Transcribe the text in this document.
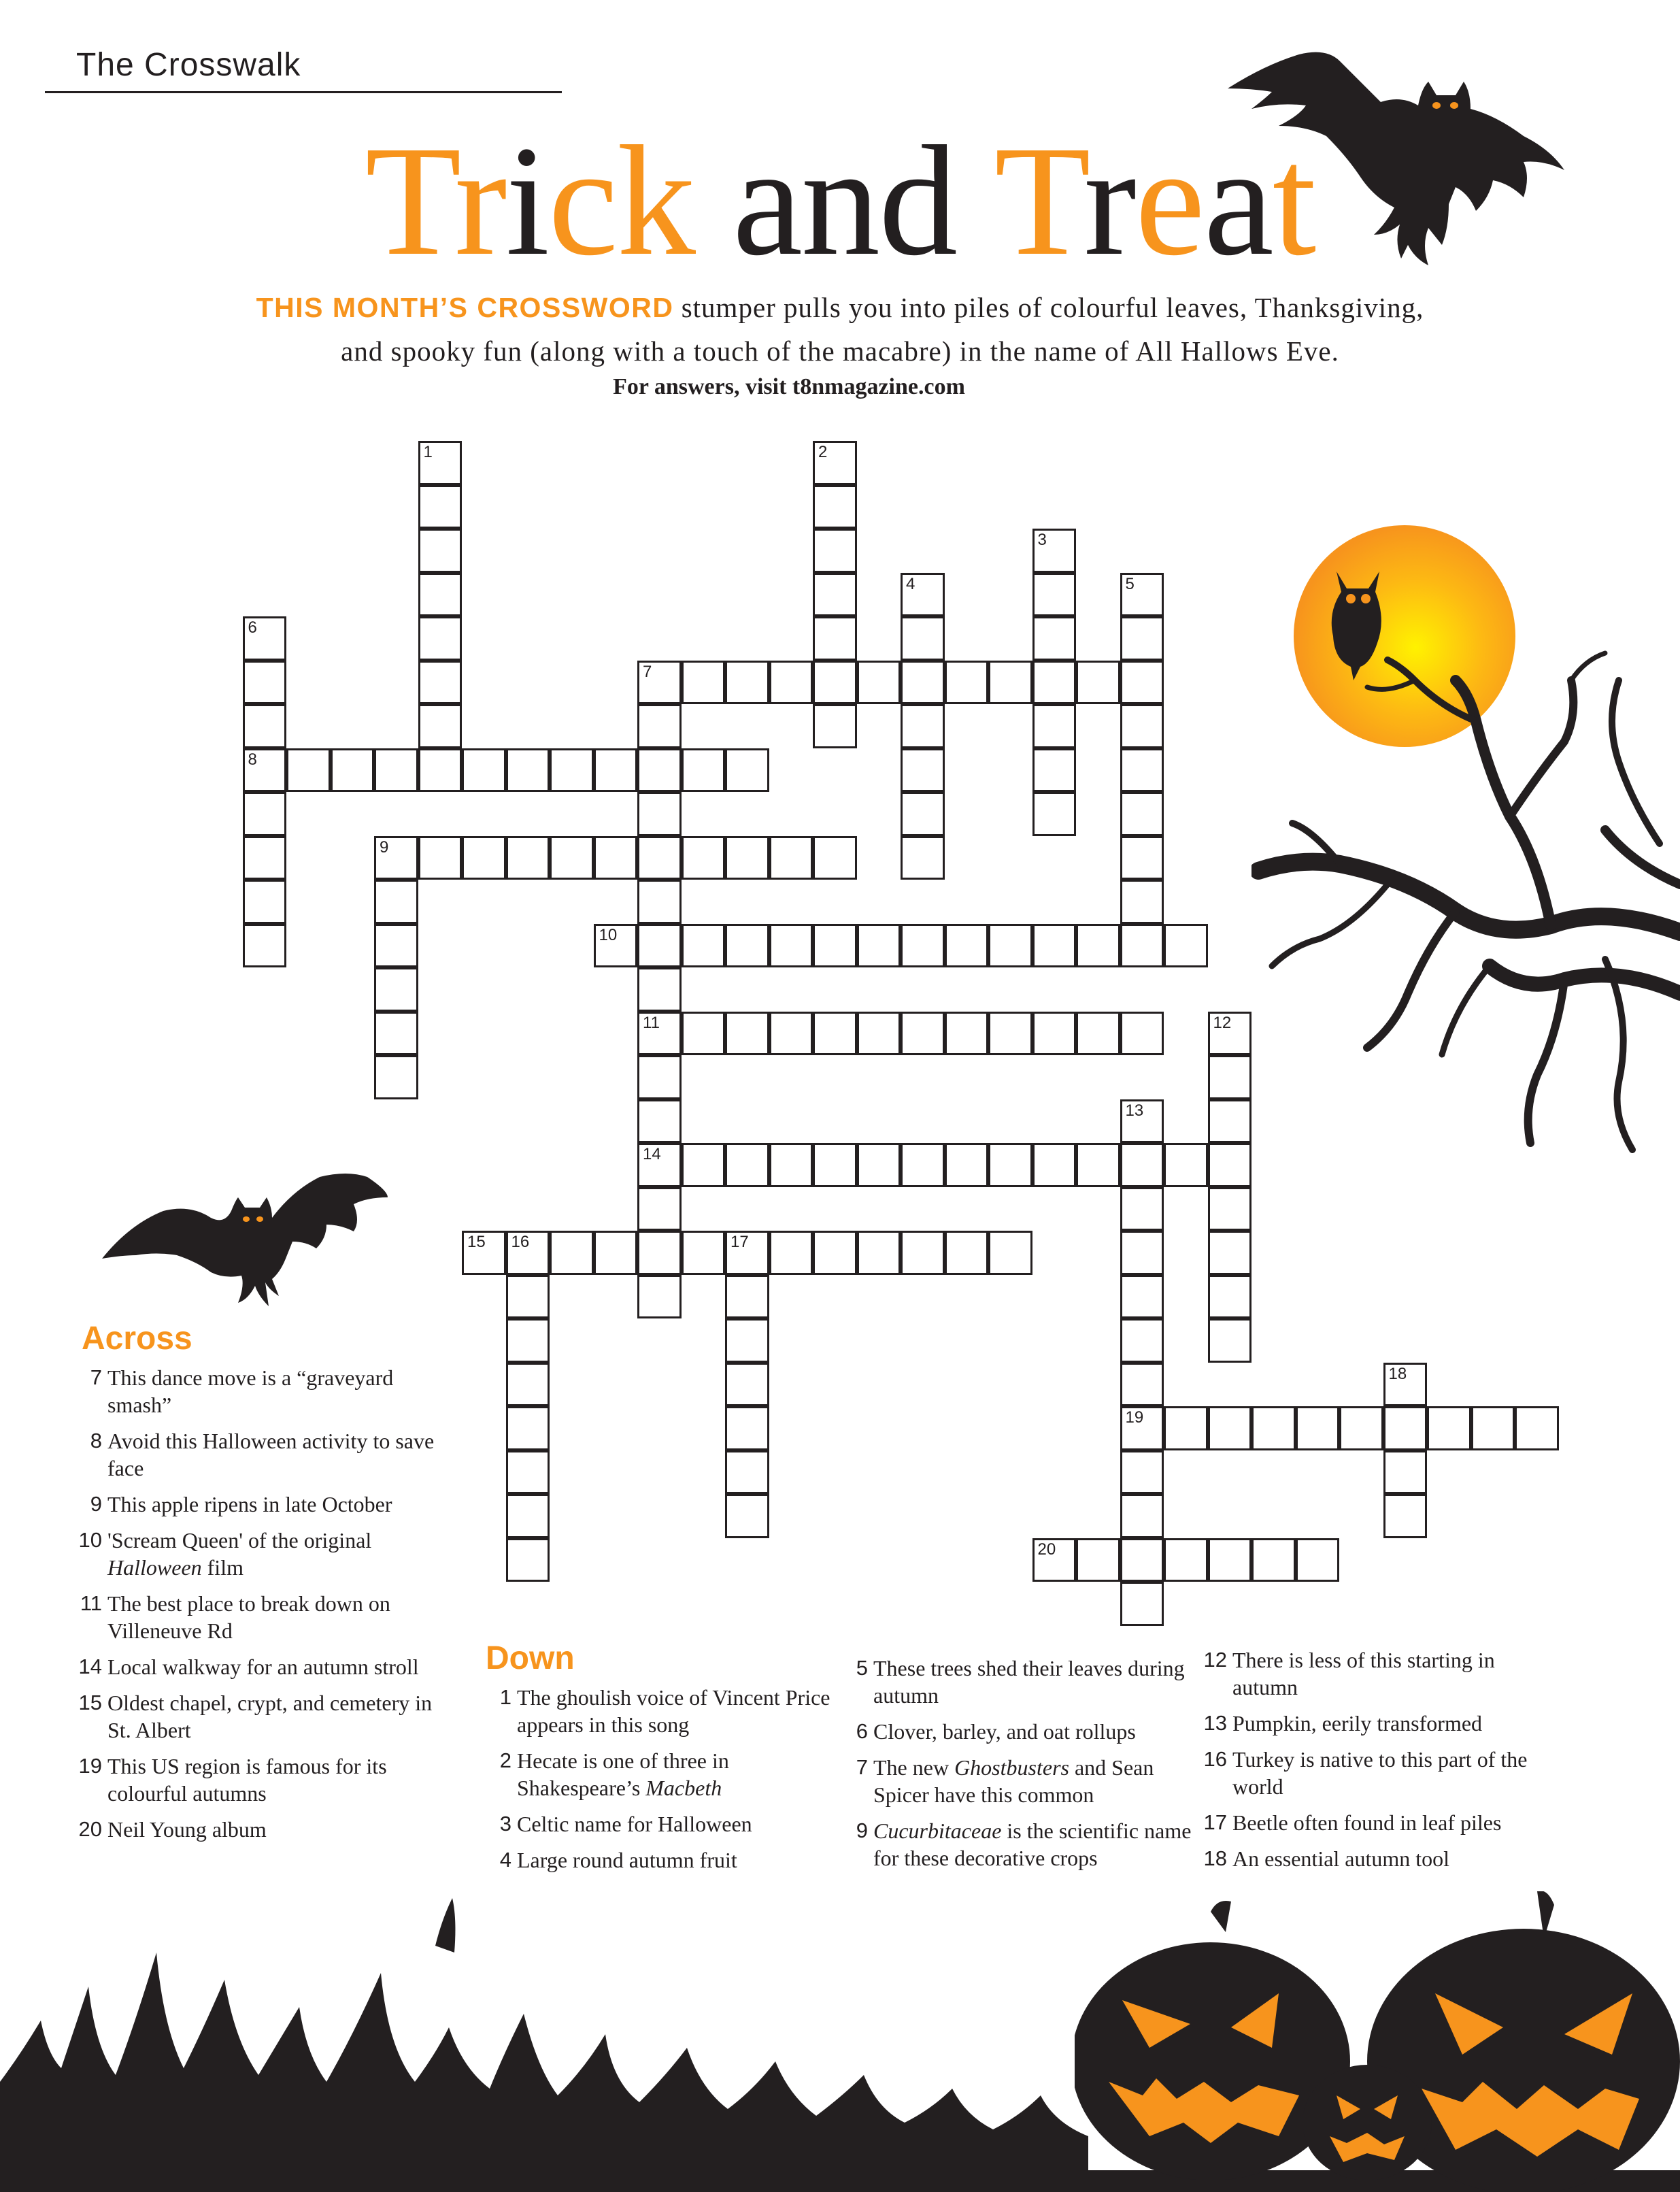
The Crosswalk
Trick and Treat
THIS MONTH’S CROSSWORD stumper pulls you into piles of colourful leaves, Thanksgiving,
and spooky fun (along with a touch of the macabre) in the name of All Hallows Eve.
For answers, visit t8nmagazine.com
1	2
3
4	5
6
8
7
11
14
9
10
12
13
19
15 16	17
18
20
Across
7 This dance move is a “graveyard smash”
8 Avoid this Halloween activity to save face
9 This apple ripens in late October
10 'Scream Queen' of the original Halloween film
11 The best place to break down on Villeneuve Rd
14 Local walkway for an autumn stroll
15 Oldest chapel, crypt, and cemetery in St. Albert
19 This US region is famous for its colourful autumns
20 Neil Young album
Down
1 The ghoulish voice of Vincent Price appears in this song
2 Hecate is one of three in Shakespeare’s Macbeth
3 Celtic name for Halloween
4 Large round autumn fruit
5 These trees shed their leaves during autumn
6 Clover, barley, and oat rollups
7 The new Ghostbusters and Sean Spicer have this common
9 Cucurbitaceae is the scientific name for these decorative crops
12 There is less of this starting in autumn
13 Pumpkin, eerily transformed
16 Turkey is native to this part of the world
17 Beetle often found in leaf piles
18 An essential autumn tool
